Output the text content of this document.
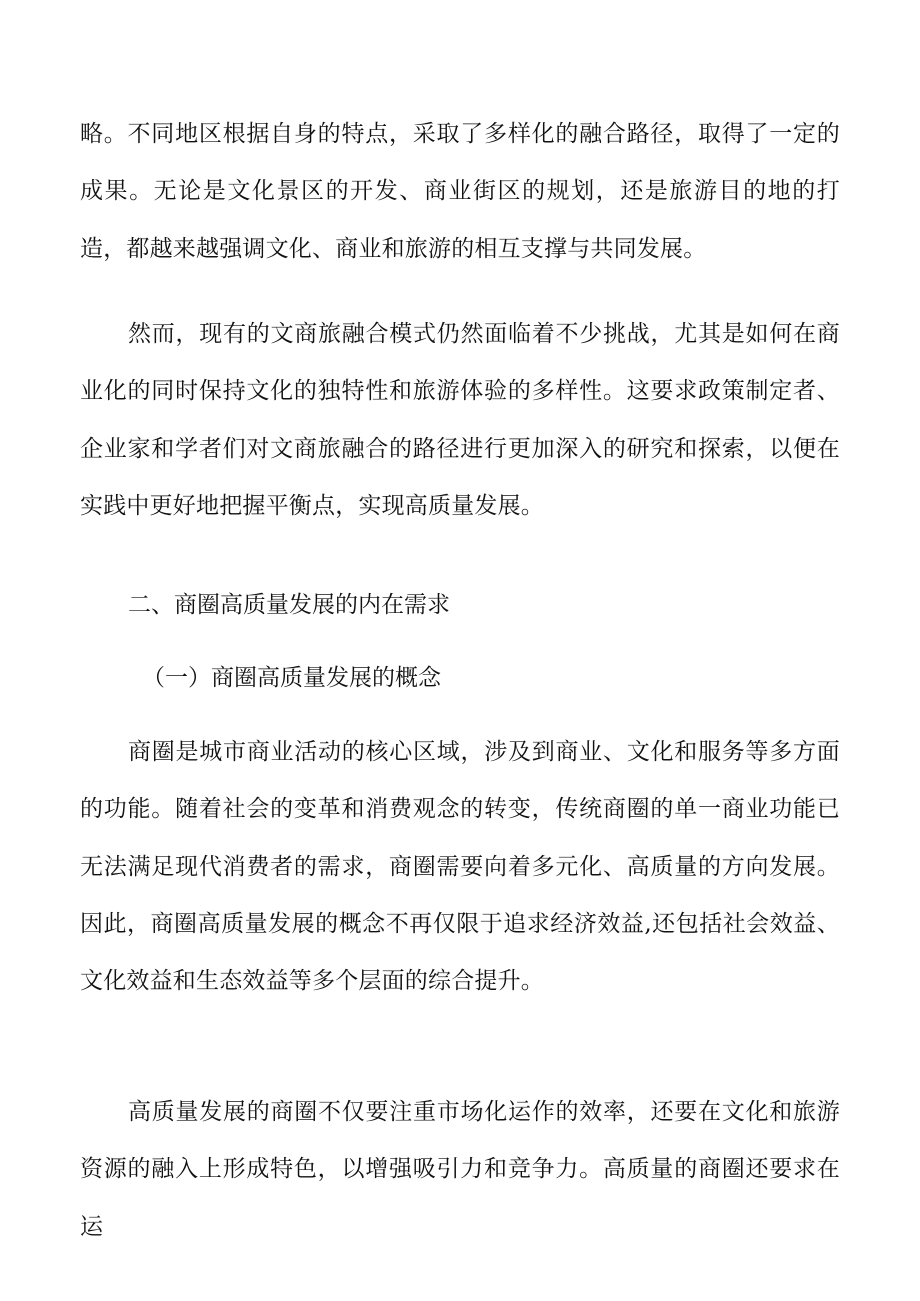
略。不同地区根据自身的特点，采取了多样化的融合路径，取得了一定的成果。无论是文化景区的开发、商业街区的规划，还是旅游目的地的打造，都越来越强调文化、商业和旅游的相互支撑与共同发展。

然而，现有的文商旅融合模式仍然面临着不少挑战，尤其是如何在商业化的同时保持文化的独特性和旅游体验的多样性。这要求政策制定者、企业家和学者们对文商旅融合的路径进行更加深入的研究和探索，以便在实践中更好地把握平衡点，实现高质量发展。

二、商圈高质量发展的内在需求
（一）商圈高质量发展的概念

商圈是城市商业活动的核心区域，涉及到商业、文化和服务等多方面的功能。随着社会的变革和消费观念的转变，传统商圈的单一商业功能已无法满足现代消费者的需求，商圈需要向着多元化、高质量的方向发展。因此，商圈高质量发展的概念不再仅限于追求经济效益,还包括社会效益、文化效益和生态效益等多个层面的综合提升。

高质量发展的商圈不仅要注重市场化运作的效率，还要在文化和旅游资源的融入上形成特色，以增强吸引力和竞争力。高质量的商圈还要求在运
